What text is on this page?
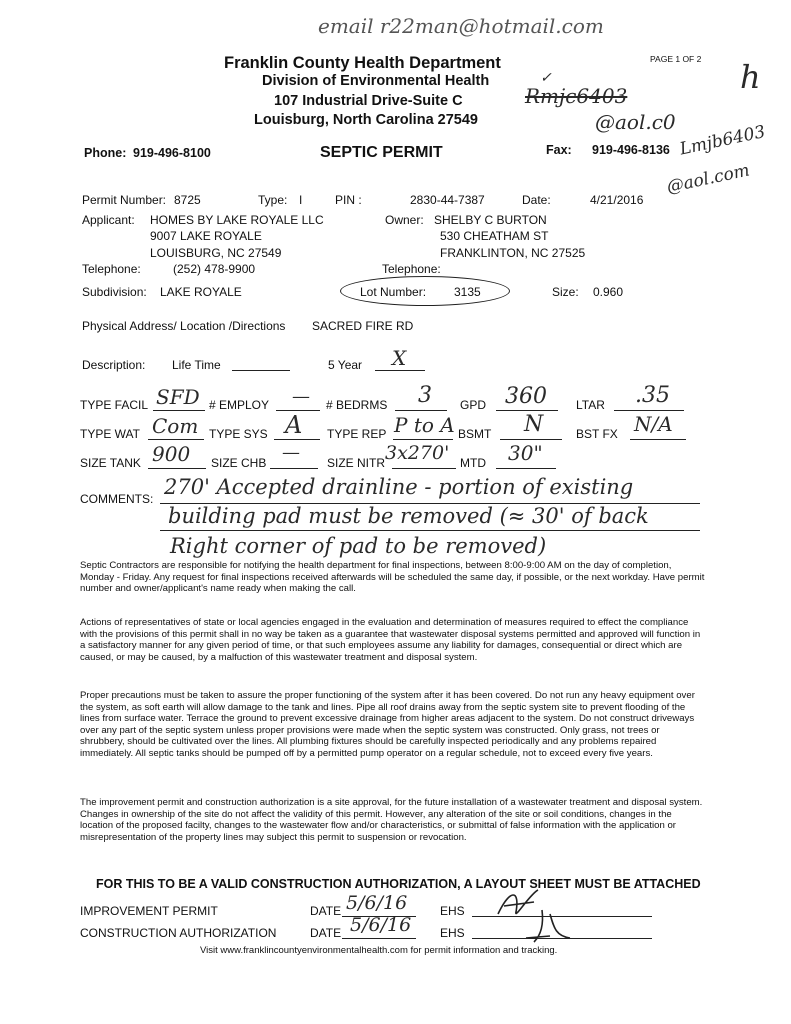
email r22man@hotmail.com
✓
Rmjc6403
@aol.c0
h
Lmjb6403
@aol.com
Franklin County Health Department
Division of Environmental Health
107 Industrial Drive-Suite C
Louisburg, North Carolina 27549
PAGE 1 OF 2
Phone: 919-496-8100	SEPTIC PERMIT	Fax: 919-496-8136
Permit Number: 8725	Type: I	PIN :	2830-44-7387	Date:	4/21/2016
Applicant: HOMES BY LAKE ROYALE LLC
9007 LAKE ROYALE
LOUISBURG, NC 27549
Telephone:	(252) 478-9900
Owner: SHELBY C BURTON
530 CHEATHAM ST
FRANKLINTON, NC 27525
Telephone:
Subdivision: LAKE ROYALE	Lot Number: 3135	Size: 0.960
Physical Address/ Location /Directions SACRED FIRE RD
Description: Life Time	5 Year X
TYPE FACIL SFD # EMPLOY — # BEDRMS 3 GPD 360 LTAR .35
TYPE WAT Com TYPE SYS A TYPE REP P to A BSMT N	BST FX N/A
SIZE TANK 900 SIZE CHB — SIZE NITR 3x270' MTD 30"
COMMENTS: 270' Accepted drainline - portion of existing
building pad must be removed (≈ 30' of back
Right corner of pad to be removed)
Septic Contractors are responsible for notifying the health department for final inspections, between 8:00-9:00 AM on the day of completion, Monday - Friday. Any request for final inspections received afterwards will be scheduled the same day, if possible, or the next workday. Have permit number and owner/applicant's name ready when making the call.
Actions of representatives of state or local agencies engaged in the evaluation and determination of measures required to effect the compliance with the provisions of this permit shall in no way be taken as a guarantee that wastewater disposal systems permitted and approved will function in a satisfactory manner for any given period of time, or that such employees assume any liability for damages, consequential or direct which are caused, or may be caused, by a malfuction of this wastewater treatment and disposal system.
Proper precautions must be taken to assure the proper functioning of the system after it has been covered. Do not run any heavy equipment over the system, as soft earth will allow damage to the tank and lines. Pipe all roof drains away from the septic system site to prevent flooding of the lines from surface water. Terrace the ground to prevent excessive drainage from higher areas adjacent to the system. Do not construct driveways over any part of the septic system unless proper provisions were made when the septic system was constructed. Only grass, not trees or shrubbery, should be cultivated over the lines. All plumbing fixtures should be carefully inspected periodically and any problems repaired immediately. All septic tanks should be pumped off by a permitted pump operator on a regular schedule, not to exceed every five years.
The improvement permit and construction authorization is a site approval, for the future installation of a wastewater treatment and disposal system. Changes in ownership of the site do not affect the validity of this permit. However, any alteration of the site or soil conditions, changes in the location of the proposed facilty, changes to the wastewater flow and/or characteristics, or submittal of false information with the application or misrepresentation of the property lines may subject this permit to suspension or revocation.
FOR THIS TO BE A VALID CONSTRUCTION AUTHORIZATION, A LAYOUT SHEET MUST BE ATTACHED
IMPROVEMENT PERMIT	DATE 5/6/16	EHS
CONSTRUCTION AUTHORIZATION	DATE 5/6/16 EHS
Visit www.franklincountyenvironmentalhealth.com for permit information and tracking.
